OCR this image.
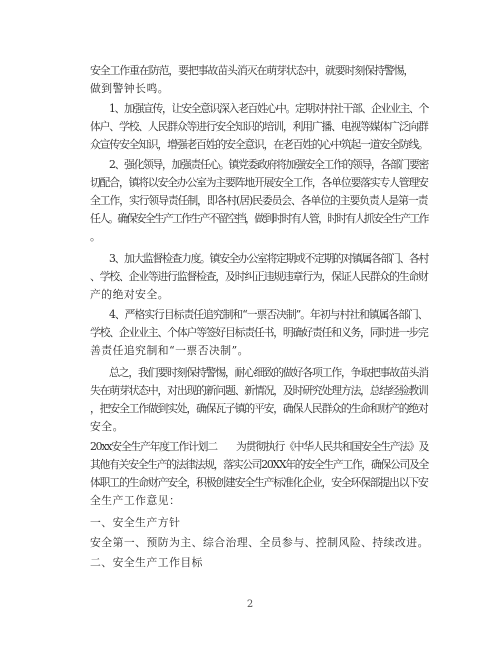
安全工作重在防范，要把事故苗头消灭在萌芽状态中，就要时刻保持警惕，
做到警钟长鸣。
1、加强宣传，让安全意识深入老百姓心中。定期对村社干部、企业业主、个
体户、学校、人民群众等进行安全知识的培训，利用广播、电视等媒体广泛向群
众宣传安全知识，增强老百姓的安全意识，在老百姓的心中筑起一道安全防线。
2、强化领导，加强责任心。镇党委政府将加强安全工作的领导，各部门要密
切配合，镇将以安全办公室为主要阵地开展安全工作，各单位要落实专人管理安
全工作，实行领导责任制，即各村(居)民委员会、各单位的主要负责人是第一责
任人。确保安全生产工作生产不留空挡，做到时时有人管，时时有人抓安全生产工作
。
3、加大监督检查力度。镇安全办公室将定期或不定期的对镇属各部门、各村
、学校、企业等进行监督检查，及时纠正违规违章行为，保证人民群众的生命财
产的绝对安全。
4、严格实行目标责任追究制和“一票否决制”。年初与村社和镇属各部门、
学校、企业业主、个体户等签好目标责任书，明确好责任和义务，同时进一步完
善责任追究制和“一票否决制”。
总之，我们要时刻保持警惕，耐心细致的做好各项工作，争取把事故苗头消
失在萌芽状态中，对出现的新问题、新情况，及时研究处理方法，总结经验教训
，把安全工作做到实处，确保瓦子镇的平安，确保人民群众的生命和财产的绝对
安全。
20xx安全生产年度工作计划二　　为贯彻执行《中华人民共和国安全生产法》及
其他有关安全生产的法律法规，落实公司20XX年的安全生产工作，确保公司及全
体职工的生命财产安全，积极创建安全生产标准化企业，安全环保部提出以下安
全生产工作意见：
一、安全生产方针
安全第一、预防为主、综合治理、全员参与、控制风险、持续改进。
二、安全生产工作目标
2
